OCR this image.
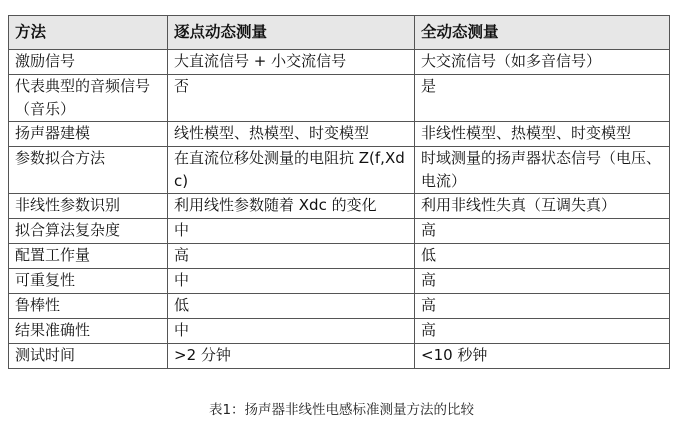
方法	逐点动态测量	全动态测量
激励信号	大直流信号 + 小交流信号	大交流信号（如多音信号）
代表典型的音频信号（音乐）	否	是
扬声器建模	线性模型、热模型、时变模型	非线性模型、热模型、时变模型
参数拟合方法	在直流位移处测量的电阻抗 Z(f,Xdc)	时域测量的扬声器状态信号（电压、电流）
非线性参数识别	利用线性参数随着 Xdc 的变化	利用非线性失真（互调失真）
拟合算法复杂度	中	高
配置工作量	高	低
可重复性	中	高
鲁棒性	低	高
结果准确性	中	高
测试时间	>2 分钟	<10 秒钟
表1：扬声器非线性电感标准测量方法的比较
